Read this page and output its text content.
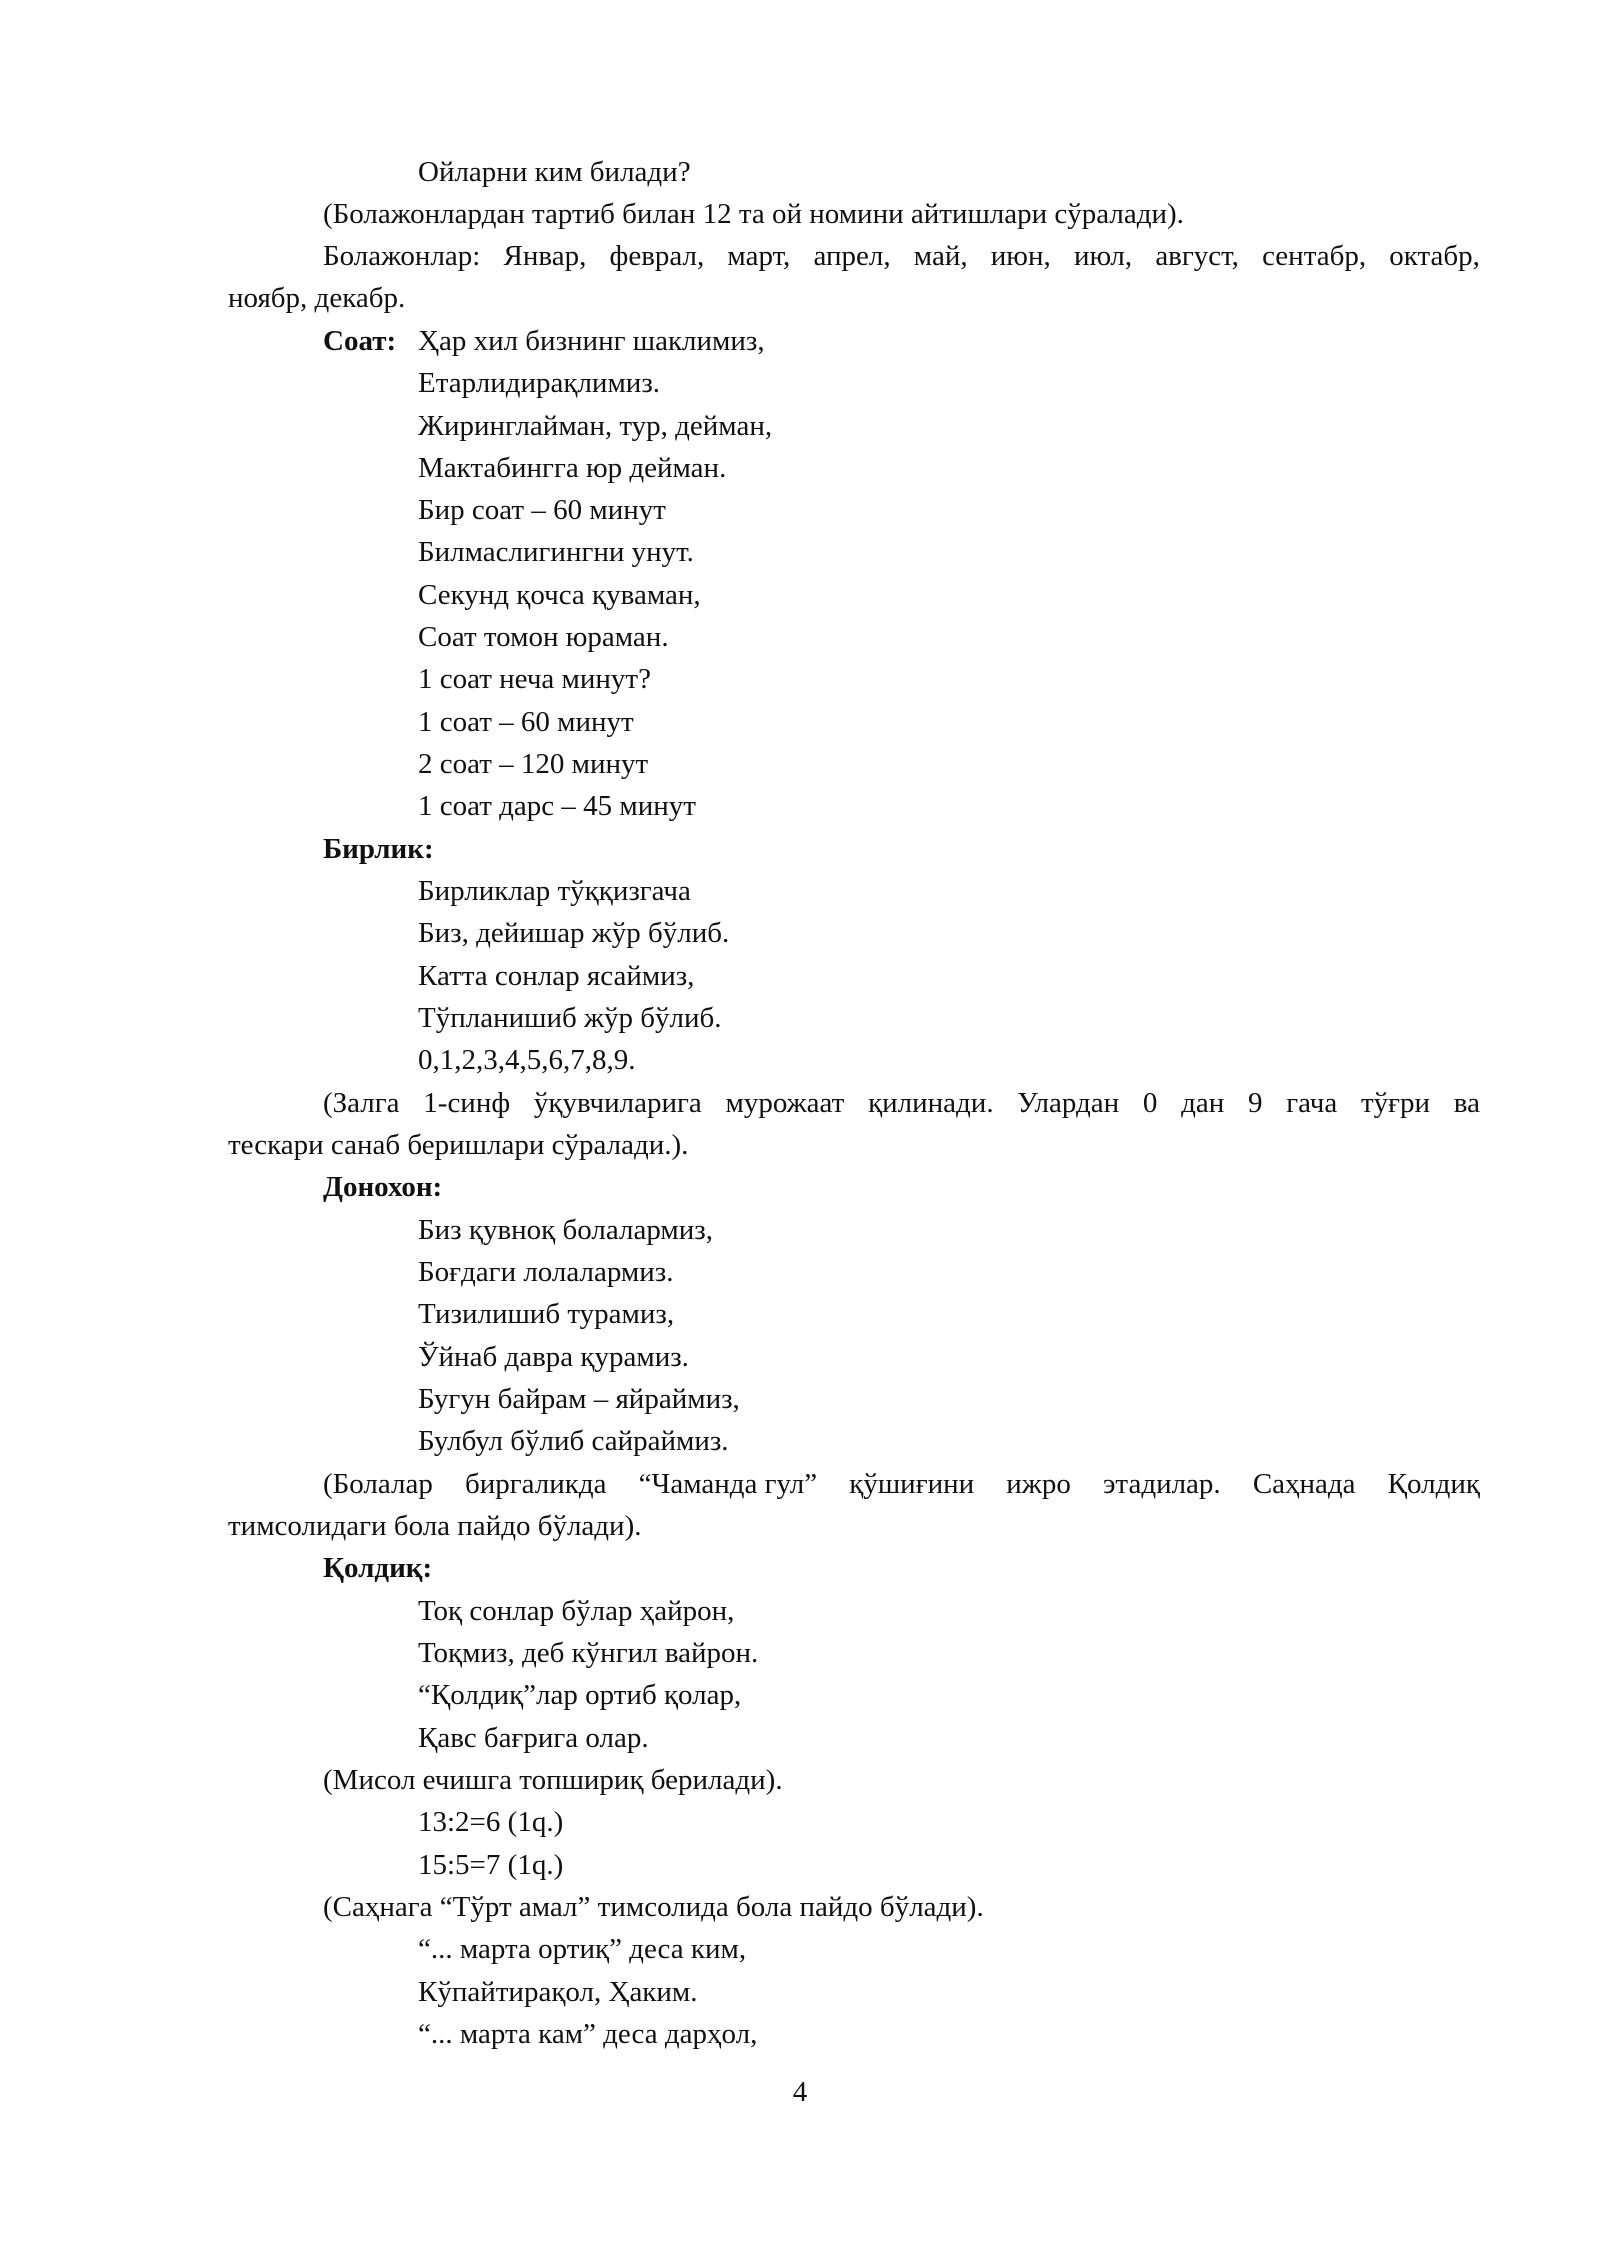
Ойларни ким билади?
(Болажонлардан тартиб билан 12 та ой номини айтишлари сўралади).
Болажонлар: Январ, феврал, март, апрел, май, июн, июл, август, сентабр, октабр,
ноябр, декабр.
Соат: Ҳар хил бизнинг шаклимиз,
Етарлидирақлимиз.
Жиринглайман, тур, дейман,
Мактабингга юр дейман.
Бир соат – 60 минут
Билмаслигингни унут.
Секунд қочса қуваман,
Соат томон юраман.
1 соат неча минут?
1 соат – 60 минут
2 соат – 120 минут
1 соат дарс – 45 минут
Бирлик:
Бирликлар тўққизгача
Биз, дейишар жўр бўлиб.
Катта сонлар ясаймиз,
Тўпланишиб жўр бўлиб.
0,1,2,3,4,5,6,7,8,9.
(Залга 1-синф ўқувчиларига мурожаат қилинади. Улардан 0 дан 9 гача тўғри ва
тескари санаб беришлари сўралади.).
Донохон:
Биз қувноқ болалармиз,
Боғдаги лолалармиз.
Тизилишиб турамиз,
Ўйнаб давра қурамиз.
Бугун байрам – яйраймиз,
Булбул бўлиб сайраймиз.
(Болалар биргаликда “Чаманда гул” қўшиғини ижро этадилар. Саҳнада Қолдиқ
тимсолидаги бола пайдо бўлади).
Қолдиқ:
Тоқ сонлар бўлар ҳайрон,
Тоқмиз, деб кўнгил вайрон.
“Қолдиқ”лар ортиб қолар,
Қавс бағрига олар.
(Мисол ечишга топшириқ берилади).
13:2=6 (1q.)
15:5=7 (1q.)
(Саҳнага “Тўрт амал” тимсолида бола пайдо бўлади).
“... марта ортиқ” деса ким,
Кўпайтирақол, Ҳаким.
“... марта кам” деса дарҳол,
4
